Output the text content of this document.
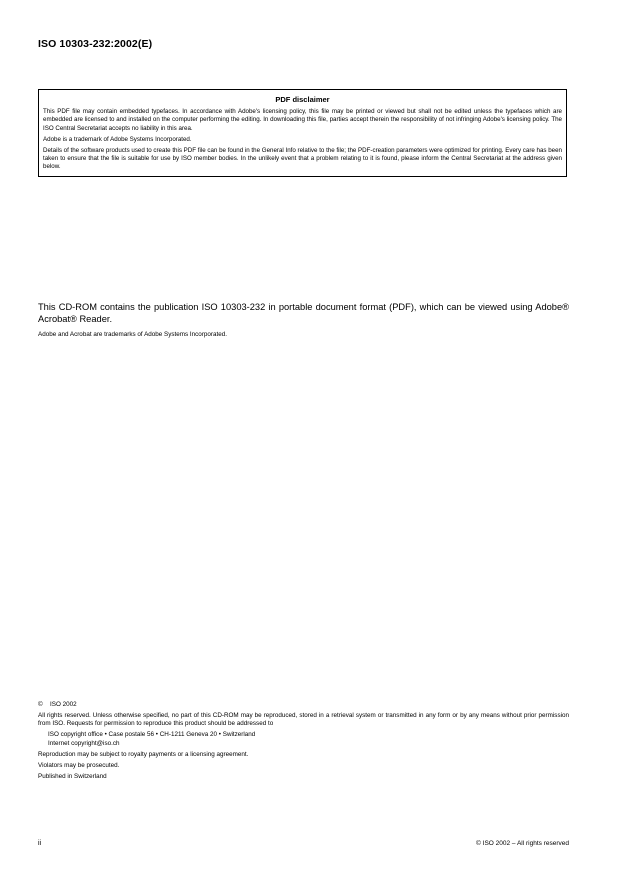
ISO 10303-232:2002(E)
PDF disclaimer

This PDF file may contain embedded typefaces. In accordance with Adobe's licensing policy, this file may be printed or viewed but shall not be edited unless the typefaces which are embedded are licensed to and installed on the computer performing the editing. In downloading this file, parties accept therein the responsibility of not infringing Adobe's licensing policy. The ISO Central Secretariat accepts no liability in this area.

Adobe is a trademark of Adobe Systems Incorporated.

Details of the software products used to create this PDF file can be found in the General Info relative to the file; the PDF-creation parameters were optimized for printing. Every care has been taken to ensure that the file is suitable for use by ISO member bodies. In the unlikely event that a problem relating to it is found, please inform the Central Secretariat at the address given below.

This CD-ROM contains the publication ISO 10303-232 in portable document format (PDF), which can be viewed using Adobe® Acrobat® Reader.
Adobe and Acrobat are trademarks of Adobe Systems Incorporated.

© ISO 2002

All rights reserved. Unless otherwise specified, no part of this CD-ROM may be reproduced, stored in a retrieval system or transmitted in any form or by any means without prior permission from ISO. Requests for permission to reproduce this product should be addressed to

ISO copyright office • Case postale 56 • CH-1211 Geneva 20 • Switzerland

Internet copyright@iso.ch

Reproduction may be subject to royalty payments or a licensing agreement.

Violators may be prosecuted.

Published in Switzerland

ii	© ISO 2002 – All rights reserved
